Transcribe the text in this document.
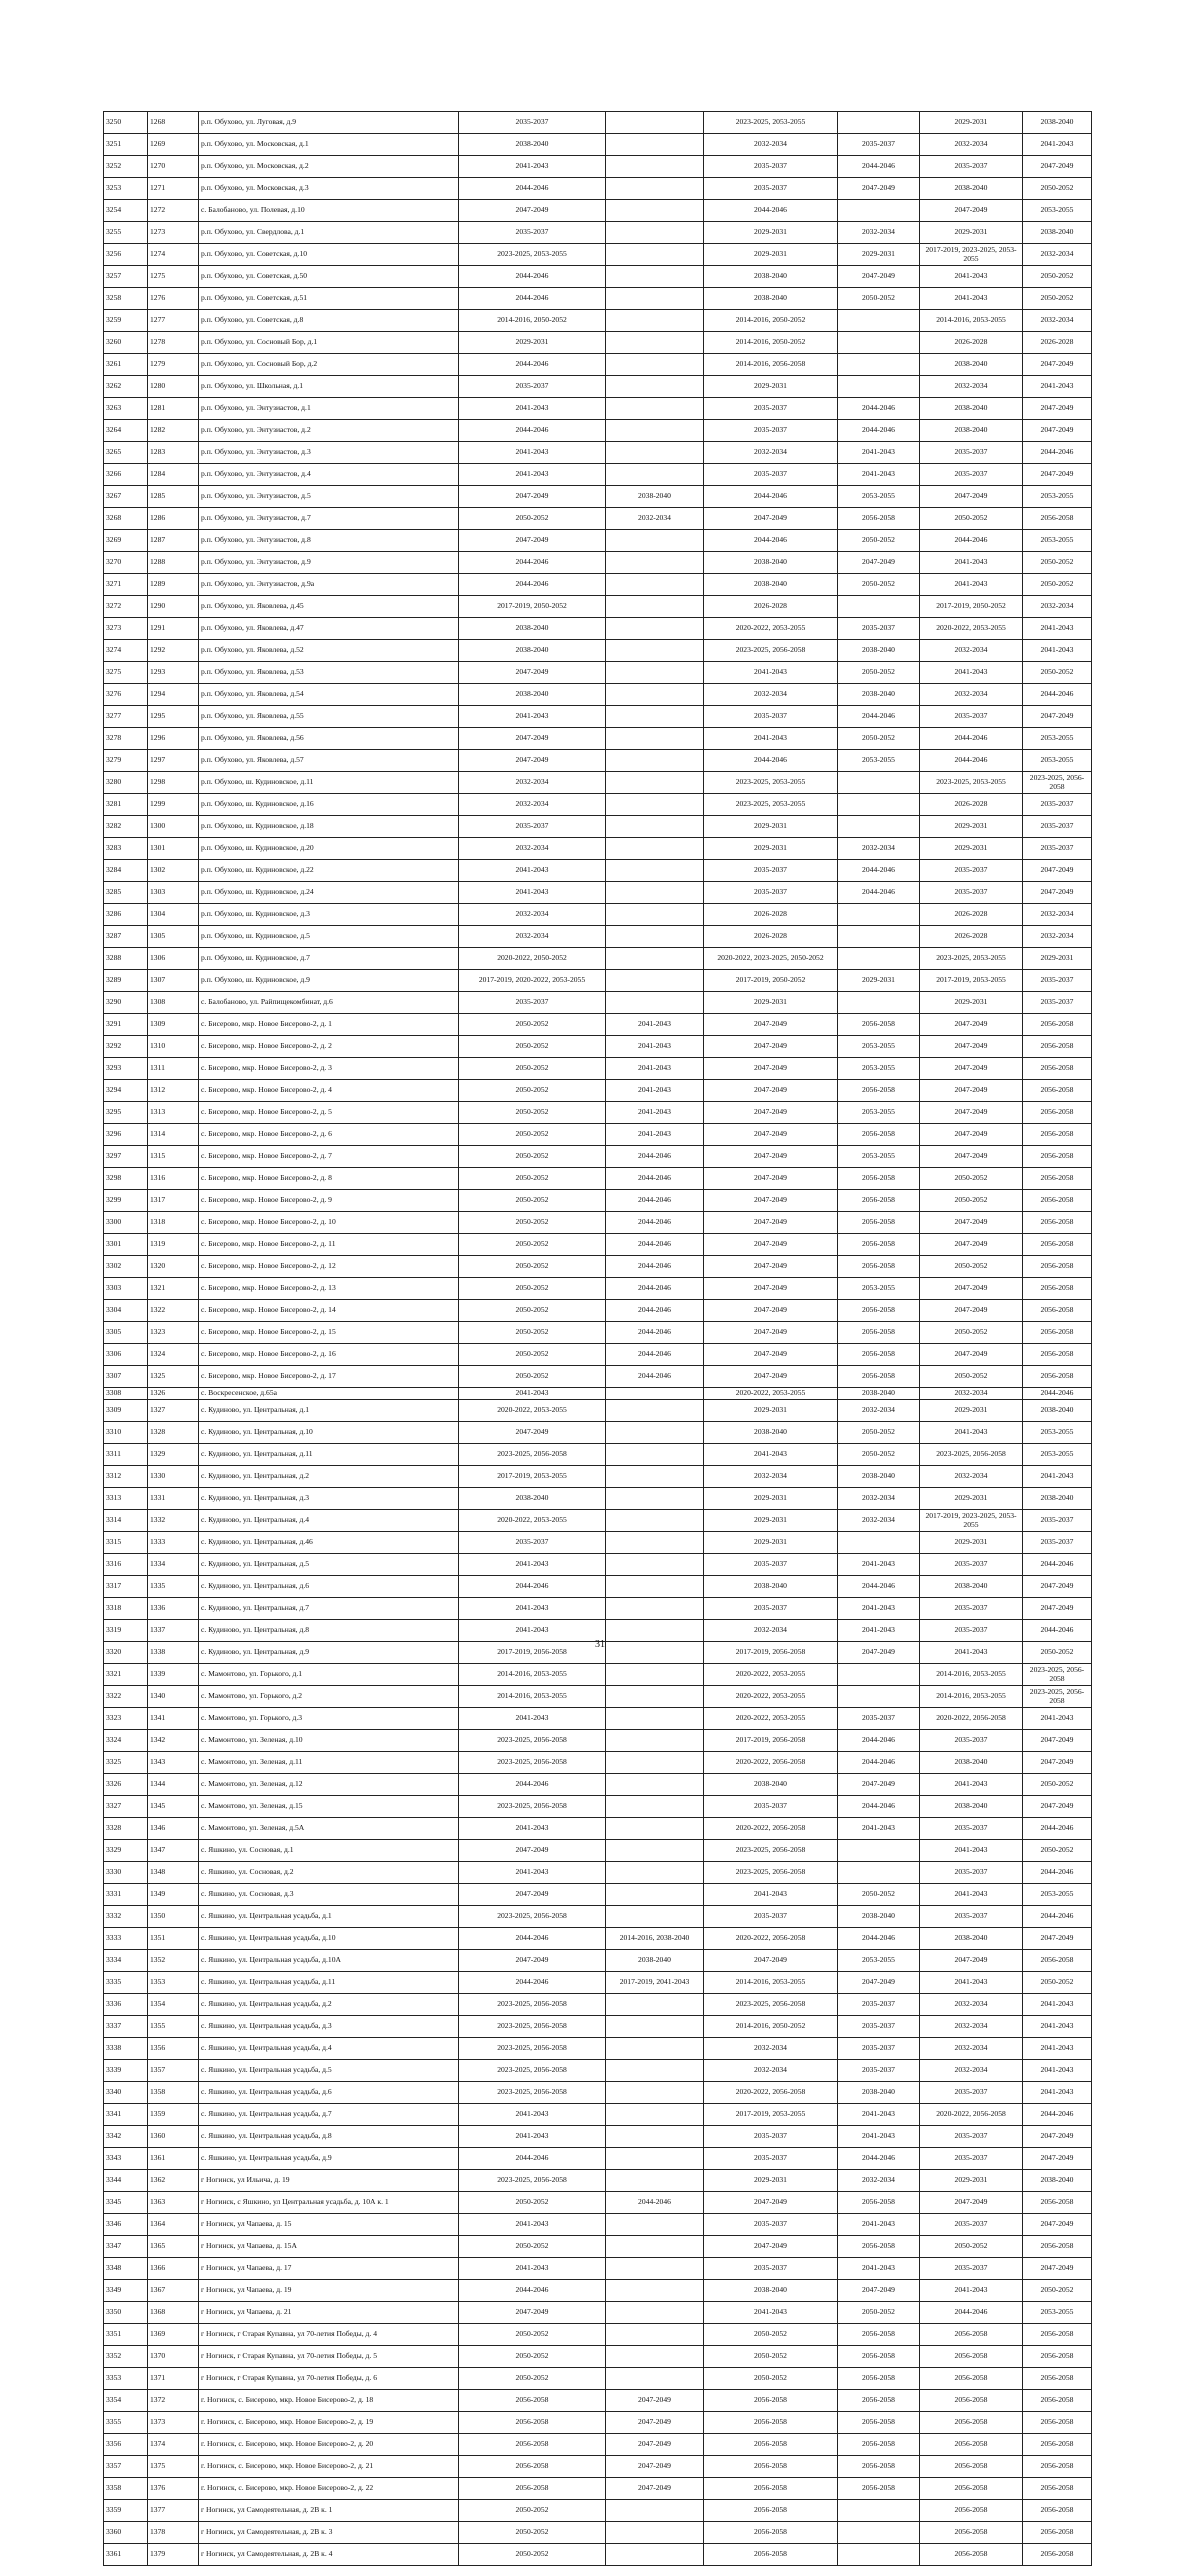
3250	1268	р.п. Обухово, ул. Луговая, д.9	2035-2037		2023-2025, 2053-2055		2029-2031	2038-2040
3251	1269	р.п. Обухово, ул. Московская, д.1	2038-2040		2032-2034	2035-2037	2032-2034	2041-2043
3252	1270	р.п. Обухово, ул. Московская, д.2	2041-2043		2035-2037	2044-2046	2035-2037	2047-2049
3253	1271	р.п. Обухово, ул. Московская, д.3	2044-2046		2035-2037	2047-2049	2038-2040	2050-2052
3254	1272	с. Балобаново, ул. Полевая, д.10	2047-2049		2044-2046		2047-2049	2053-2055
3255	1273	р.п. Обухово, ул. Свердлова, д.1	2035-2037		2029-2031	2032-2034	2029-2031	2038-2040
3256	1274	р.п. Обухово, ул. Советская, д.10	2023-2025, 2053-2055		2029-2031	2029-2031	2017-2019, 2023-2025, 2053-2055	2032-2034
3257	1275	р.п. Обухово, ул. Советская, д.50	2044-2046		2038-2040	2047-2049	2041-2043	2050-2052
3258	1276	р.п. Обухово, ул. Советская, д.51	2044-2046		2038-2040	2050-2052	2041-2043	2050-2052
3259	1277	р.п. Обухово, ул. Советская, д.8	2014-2016, 2050-2052		2014-2016, 2050-2052		2014-2016, 2053-2055	2032-2034
3260	1278	р.п. Обухово, ул. Сосновый Бор, д.1	2029-2031		2014-2016, 2050-2052		2026-2028	2026-2028
3261	1279	р.п. Обухово, ул. Сосновый Бор, д.2	2044-2046		2014-2016, 2056-2058		2038-2040	2047-2049
3262	1280	р.п. Обухово, ул. Школьная, д.1	2035-2037		2029-2031		2032-2034	2041-2043
3263	1281	р.п. Обухово, ул. Энтузиастов, д.1	2041-2043		2035-2037	2044-2046	2038-2040	2047-2049
3264	1282	р.п. Обухово, ул. Энтузиастов, д.2	2044-2046		2035-2037	2044-2046	2038-2040	2047-2049
3265	1283	р.п. Обухово, ул. Энтузиастов, д.3	2041-2043		2032-2034	2041-2043	2035-2037	2044-2046
3266	1284	р.п. Обухово, ул. Энтузиастов, д.4	2041-2043		2035-2037	2041-2043	2035-2037	2047-2049
3267	1285	р.п. Обухово, ул. Энтузиастов, д.5	2047-2049	2038-2040	2044-2046	2053-2055	2047-2049	2053-2055
3268	1286	р.п. Обухово, ул. Энтузиастов, д.7	2050-2052	2032-2034	2047-2049	2056-2058	2050-2052	2056-2058
3269	1287	р.п. Обухово, ул. Энтузиастов, д.8	2047-2049		2044-2046	2050-2052	2044-2046	2053-2055
3270	1288	р.п. Обухово, ул. Энтузиастов, д.9	2044-2046		2038-2040	2047-2049	2041-2043	2050-2052
3271	1289	р.п. Обухово, ул. Энтузиастов, д.9а	2044-2046		2038-2040	2050-2052	2041-2043	2050-2052
3272	1290	р.п. Обухово, ул. Яковлева, д.45	2017-2019, 2050-2052		2026-2028		2017-2019, 2050-2052	2032-2034
3273	1291	р.п. Обухово, ул. Яковлева, д.47	2038-2040		2020-2022, 2053-2055	2035-2037	2020-2022, 2053-2055	2041-2043
3274	1292	р.п. Обухово, ул. Яковлева, д.52	2038-2040		2023-2025, 2056-2058	2038-2040	2032-2034	2041-2043
3275	1293	р.п. Обухово, ул. Яковлева, д.53	2047-2049		2041-2043	2050-2052	2041-2043	2050-2052
3276	1294	р.п. Обухово, ул. Яковлева, д.54	2038-2040		2032-2034	2038-2040	2032-2034	2044-2046
3277	1295	р.п. Обухово, ул. Яковлева, д.55	2041-2043		2035-2037	2044-2046	2035-2037	2047-2049
3278	1296	р.п. Обухово, ул. Яковлева, д.56	2047-2049		2041-2043	2050-2052	2044-2046	2053-2055
3279	1297	р.п. Обухово, ул. Яковлева, д.57	2047-2049		2044-2046	2053-2055	2044-2046	2053-2055
3280	1298	р.п. Обухово, ш. Кудиновское, д.11	2032-2034		2023-2025, 2053-2055		2023-2025, 2053-2055	2023-2025, 2056-2058
3281	1299	р.п. Обухово, ш. Кудиновское, д.16	2032-2034		2023-2025, 2053-2055		2026-2028	2035-2037
3282	1300	р.п. Обухово, ш. Кудиновское, д.18	2035-2037		2029-2031		2029-2031	2035-2037
3283	1301	р.п. Обухово, ш. Кудиновское, д.20	2032-2034		2029-2031	2032-2034	2029-2031	2035-2037
3284	1302	р.п. Обухово, ш. Кудиновское, д.22	2041-2043		2035-2037	2044-2046	2035-2037	2047-2049
3285	1303	р.п. Обухово, ш. Кудиновское, д.24	2041-2043		2035-2037	2044-2046	2035-2037	2047-2049
3286	1304	р.п. Обухово, ш. Кудиновское, д.3	2032-2034		2026-2028		2026-2028	2032-2034
3287	1305	р.п. Обухово, ш. Кудиновское, д.5	2032-2034		2026-2028		2026-2028	2032-2034
3288	1306	р.п. Обухово, ш. Кудиновское, д.7	2020-2022, 2050-2052		2020-2022, 2023-2025, 2050-2052		2023-2025, 2053-2055	2029-2031
3289	1307	р.п. Обухово, ш. Кудиновское, д.9	2017-2019, 2020-2022, 2053-2055		2017-2019, 2050-2052	2029-2031	2017-2019, 2053-2055	2035-2037
3290	1308	с. Балобаново, ул. Райпищекомбинат, д.6	2035-2037		2029-2031		2029-2031	2035-2037
3291	1309	с. Бисерово, мкр. Новое Бисерово-2, д. 1	2050-2052	2041-2043	2047-2049	2056-2058	2047-2049	2056-2058
3292	1310	с. Бисерово, мкр. Новое Бисерово-2, д. 2	2050-2052	2041-2043	2047-2049	2053-2055	2047-2049	2056-2058
3293	1311	с. Бисерово, мкр. Новое Бисерово-2, д. 3	2050-2052	2041-2043	2047-2049	2053-2055	2047-2049	2056-2058
3294	1312	с. Бисерово, мкр. Новое Бисерово-2, д. 4	2050-2052	2041-2043	2047-2049	2056-2058	2047-2049	2056-2058
3295	1313	с. Бисерово, мкр. Новое Бисерово-2, д. 5	2050-2052	2041-2043	2047-2049	2053-2055	2047-2049	2056-2058
3296	1314	с. Бисерово, мкр. Новое Бисерово-2, д. 6	2050-2052	2041-2043	2047-2049	2056-2058	2047-2049	2056-2058
3297	1315	с. Бисерово, мкр. Новое Бисерово-2, д. 7	2050-2052	2044-2046	2047-2049	2053-2055	2047-2049	2056-2058
3298	1316	с. Бисерово, мкр. Новое Бисерово-2, д. 8	2050-2052	2044-2046	2047-2049	2056-2058	2050-2052	2056-2058
3299	1317	с. Бисерово, мкр. Новое Бисерово-2, д. 9	2050-2052	2044-2046	2047-2049	2056-2058	2050-2052	2056-2058
3300	1318	с. Бисерово, мкр. Новое Бисерово-2, д. 10	2050-2052	2044-2046	2047-2049	2056-2058	2047-2049	2056-2058
3301	1319	с. Бисерово, мкр. Новое Бисерово-2, д. 11	2050-2052	2044-2046	2047-2049	2056-2058	2047-2049	2056-2058
3302	1320	с. Бисерово, мкр. Новое Бисерово-2, д. 12	2050-2052	2044-2046	2047-2049	2056-2058	2050-2052	2056-2058
3303	1321	с. Бисерово, мкр. Новое Бисерово-2, д. 13	2050-2052	2044-2046	2047-2049	2053-2055	2047-2049	2056-2058
3304	1322	с. Бисерово, мкр. Новое Бисерово-2, д. 14	2050-2052	2044-2046	2047-2049	2056-2058	2047-2049	2056-2058
3305	1323	с. Бисерово, мкр. Новое Бисерово-2, д. 15	2050-2052	2044-2046	2047-2049	2056-2058	2050-2052	2056-2058
3306	1324	с. Бисерово, мкр. Новое Бисерово-2, д. 16	2050-2052	2044-2046	2047-2049	2056-2058	2047-2049	2056-2058
3307	1325	с. Бисерово, мкр. Новое Бисерово-2, д. 17	2050-2052	2044-2046	2047-2049	2056-2058	2050-2052	2056-2058
3308	1326	с. Воскресенское, д.65а	2041-2043		2020-2022, 2053-2055	2038-2040	2032-2034	2044-2046
3309	1327	с. Кудиново, ул. Центральная, д.1	2020-2022, 2053-2055		2029-2031	2032-2034	2029-2031	2038-2040
3310	1328	с. Кудиново, ул. Центральная, д.10	2047-2049		2038-2040	2050-2052	2041-2043	2053-2055
3311	1329	с. Кудиново, ул. Центральная, д.11	2023-2025, 2056-2058		2041-2043	2050-2052	2023-2025, 2056-2058	2053-2055
3312	1330	с. Кудиново, ул. Центральная, д.2	2017-2019, 2053-2055		2032-2034	2038-2040	2032-2034	2041-2043
3313	1331	с. Кудиново, ул. Центральная, д.3	2038-2040		2029-2031	2032-2034	2029-2031	2038-2040
3314	1332	с. Кудиново, ул. Центральная, д.4	2020-2022, 2053-2055		2029-2031	2032-2034	2017-2019, 2023-2025, 2053-2055	2035-2037
3315	1333	с. Кудиново, ул. Центральная, д.46	2035-2037		2029-2031		2029-2031	2035-2037
3316	1334	с. Кудиново, ул. Центральная, д.5	2041-2043		2035-2037	2041-2043	2035-2037	2044-2046
3317	1335	с. Кудиново, ул. Центральная, д.6	2044-2046		2038-2040	2044-2046	2038-2040	2047-2049
3318	1336	с. Кудиново, ул. Центральная, д.7	2041-2043		2035-2037	2041-2043	2035-2037	2047-2049
3319	1337	с. Кудиново, ул. Центральная, д.8	2041-2043		2032-2034	2041-2043	2035-2037	2044-2046
3320	1338	с. Кудиново, ул. Центральная, д.9	2017-2019, 2056-2058		2017-2019, 2056-2058	2047-2049	2041-2043	2050-2052
3321	1339	с. Мамонтово, ул. Горького, д.1	2014-2016, 2053-2055		2020-2022, 2053-2055		2014-2016, 2053-2055	2023-2025, 2056-2058
3322	1340	с. Мамонтово, ул. Горького, д.2	2014-2016, 2053-2055		2020-2022, 2053-2055		2014-2016, 2053-2055	2023-2025, 2056-2058
3323	1341	с. Мамонтово, ул. Горького, д.3	2041-2043		2020-2022, 2053-2055	2035-2037	2020-2022, 2056-2058	2041-2043
3324	1342	с. Мамонтово, ул. Зеленая, д.10	2023-2025, 2056-2058		2017-2019, 2056-2058	2044-2046	2035-2037	2047-2049
3325	1343	с. Мамонтово, ул. Зеленая, д.11	2023-2025, 2056-2058		2020-2022, 2056-2058	2044-2046	2038-2040	2047-2049
3326	1344	с. Мамонтово, ул. Зеленая, д.12	2044-2046		2038-2040	2047-2049	2041-2043	2050-2052
3327	1345	с. Мамонтово, ул. Зеленая, д.15	2023-2025, 2056-2058		2035-2037	2044-2046	2038-2040	2047-2049
3328	1346	с. Мамонтово, ул. Зеленая, д.5А	2041-2043		2020-2022, 2056-2058	2041-2043	2035-2037	2044-2046
3329	1347	с. Яшкино, ул. Сосновая, д.1	2047-2049		2023-2025, 2056-2058		2041-2043	2050-2052
3330	1348	с. Яшкино, ул. Сосновая, д.2	2041-2043		2023-2025, 2056-2058		2035-2037	2044-2046
3331	1349	с. Яшкино, ул. Сосновая, д.3	2047-2049		2041-2043	2050-2052	2041-2043	2053-2055
3332	1350	с. Яшкино, ул. Центральная усадьба, д.1	2023-2025, 2056-2058		2035-2037	2038-2040	2035-2037	2044-2046
3333	1351	с. Яшкино, ул. Центральная усадьба, д.10	2044-2046	2014-2016, 2038-2040	2020-2022, 2056-2058	2044-2046	2038-2040	2047-2049
3334	1352	с. Яшкино, ул. Центральная усадьба, д.10А	2047-2049	2038-2040	2047-2049	2053-2055	2047-2049	2056-2058
3335	1353	с. Яшкино, ул. Центральная усадьба, д.11	2044-2046	2017-2019, 2041-2043	2014-2016, 2053-2055	2047-2049	2041-2043	2050-2052
3336	1354	с. Яшкино, ул. Центральная усадьба, д.2	2023-2025, 2056-2058		2023-2025, 2056-2058	2035-2037	2032-2034	2041-2043
3337	1355	с. Яшкино, ул. Центральная усадьба, д.3	2023-2025, 2056-2058		2014-2016, 2050-2052	2035-2037	2032-2034	2041-2043
3338	1356	с. Яшкино, ул. Центральная усадьба, д.4	2023-2025, 2056-2058		2032-2034	2035-2037	2032-2034	2041-2043
3339	1357	с. Яшкино, ул. Центральная усадьба, д.5	2023-2025, 2056-2058		2032-2034	2035-2037	2032-2034	2041-2043
3340	1358	с. Яшкино, ул. Центральная усадьба, д.6	2023-2025, 2056-2058		2020-2022, 2056-2058	2038-2040	2035-2037	2041-2043
3341	1359	с. Яшкино, ул. Центральная усадьба, д.7	2041-2043		2017-2019, 2053-2055	2041-2043	2020-2022, 2056-2058	2044-2046
3342	1360	с. Яшкино, ул. Центральная усадьба, д.8	2041-2043		2035-2037	2041-2043	2035-2037	2047-2049
3343	1361	с. Яшкино, ул. Центральная усадьба, д.9	2044-2046		2035-2037	2044-2046	2035-2037	2047-2049
3344	1362	г Ногинск, ул Ильича, д. 19	2023-2025, 2056-2058		2029-2031	2032-2034	2029-2031	2038-2040
3345	1363	г Ногинск, с Яшкино, ул Центральная усадьба, д. 10А к. 1	2050-2052	2044-2046	2047-2049	2056-2058	2047-2049	2056-2058
3346	1364	г Ногинск, ул Чапаева, д. 15	2041-2043		2035-2037	2041-2043	2035-2037	2047-2049
3347	1365	г Ногинск, ул Чапаева, д. 15А	2050-2052		2047-2049	2056-2058	2050-2052	2056-2058
3348	1366	г Ногинск, ул Чапаева, д. 17	2041-2043		2035-2037	2041-2043	2035-2037	2047-2049
3349	1367	г Ногинск, ул Чапаева, д. 19	2044-2046		2038-2040	2047-2049	2041-2043	2050-2052
3350	1368	г Ногинск, ул Чапаева, д. 21	2047-2049		2041-2043	2050-2052	2044-2046	2053-2055
3351	1369	г Ногинск, г Старая Купавна, ул 70-летия Победы, д. 4	2050-2052		2050-2052	2056-2058	2056-2058	2056-2058
3352	1370	г Ногинск, г Старая Купавна, ул 70-летия Победы, д. 5	2050-2052		2050-2052	2056-2058	2056-2058	2056-2058
3353	1371	г Ногинск, г Старая Купавна, ул 70-летия Победы, д. 6	2050-2052		2050-2052	2056-2058	2056-2058	2056-2058
3354	1372	г. Ногинск, с. Бисерово, мкр. Новое Бисерово-2, д. 18	2056-2058	2047-2049	2056-2058	2056-2058	2056-2058	2056-2058
3355	1373	г. Ногинск, с. Бисерово, мкр. Новое Бисерово-2, д. 19	2056-2058	2047-2049	2056-2058	2056-2058	2056-2058	2056-2058
3356	1374	г. Ногинск, с. Бисерово, мкр. Новое Бисерово-2, д. 20	2056-2058	2047-2049	2056-2058	2056-2058	2056-2058	2056-2058
3357	1375	г. Ногинск, с. Бисерово, мкр. Новое Бисерово-2, д. 21	2056-2058	2047-2049	2056-2058	2056-2058	2056-2058	2056-2058
3358	1376	г. Ногинск, с. Бисерово, мкр. Новое Бисерово-2, д. 22	2056-2058	2047-2049	2056-2058	2056-2058	2056-2058	2056-2058
3359	1377	г Ногинск, ул Самодеятельная, д. 2В к. 1	2050-2052		2056-2058		2056-2058	2056-2058
3360	1378	г Ногинск, ул Самодеятельная, д. 2В к. 3	2050-2052		2056-2058		2056-2058	2056-2058
3361	1379	г Ногинск, ул Самодеятельная, д. 2В к. 4	2050-2052		2056-2058		2056-2058	2056-2058
31
